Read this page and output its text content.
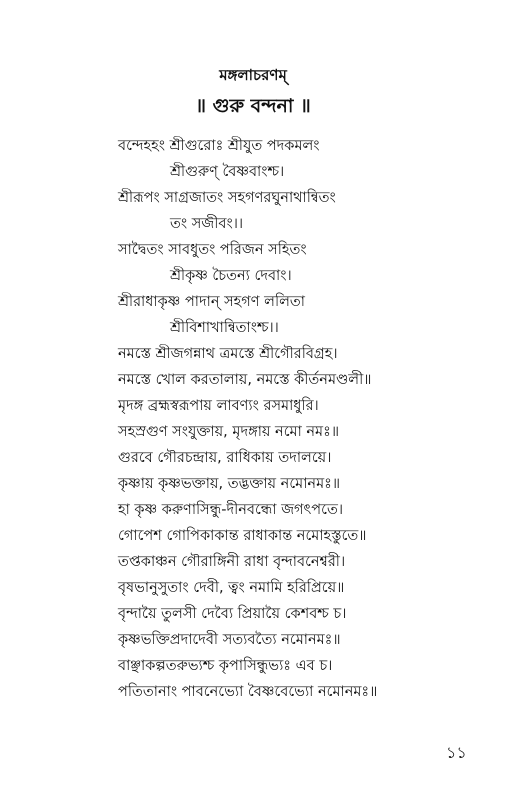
মঙ্গলাচরণম্
॥ গুরু বন্দনা ॥
বন্দেহহং শ্রীগুরোঃ শ্রীযুত পদকমলং
শ্রীগুরুণ্ বৈষ্ণবাংশ্চ।
শ্রীরূপং সাগ্রজাতং সহগণরঘুনাথান্বিতং
তং সজীবং।।
সাদ্বৈতং সাবধুতং পরিজন সহিতং
শ্রীকৃষ্ণ চৈতন্য দেবাং।
শ্রীরাধাকৃষ্ণ পাদান্ সহগণ ললিতা
শ্রীবিশাখান্বিতাংশ্চ।।
নমস্তে শ্রীজগন্নাথ ত্রমস্তে শ্রীগৌরবিগ্রহ।
নমস্তে খোল করতালায়, নমস্তে কীর্তনমণ্ডলী॥
মৃদঙ্গ ব্রহ্মস্বরূপায় লাবণ্যং রসমাধুরি।
সহস্রগুণ সংযুক্তায়, মৃদঙ্গায় নমো নমঃ॥
গুরবে গৌরচন্দ্রায়, রাধিকায় তদালয়ে।
কৃষ্ণায় কৃষ্ণভক্তায়, তদ্ভক্তায় নমোনমঃ॥
হা কৃষ্ণ করুণাসিন্ধু-দীনবন্ধো জগৎপতে।
গোপেশ গোপিকাকান্ত রাধাকান্ত নমোহস্তুতে॥
তপ্তকাঞ্চন গৌরাঙ্গিনী রাধা বৃন্দাবনেশ্বরী।
বৃষভানুসুতাং দেবী, ত্বং নমামি হরিপ্রিয়ে॥
বৃন্দায়ৈ তুলসী দেব্যৈ প্রিয়ায়ৈ কেশবশ্চ চ।
কৃষ্ণভক্তিপ্রদাদেবী সত্যবত্যৈ নমোনমঃ॥
বাঞ্ছাকল্পতরুভ্যশ্চ কৃপাসিন্ধুভ্যঃ এব চ।
পতিতানাং পাবনেভ্যো বৈষ্ণবেভ্যো নমোনমঃ॥
১১
